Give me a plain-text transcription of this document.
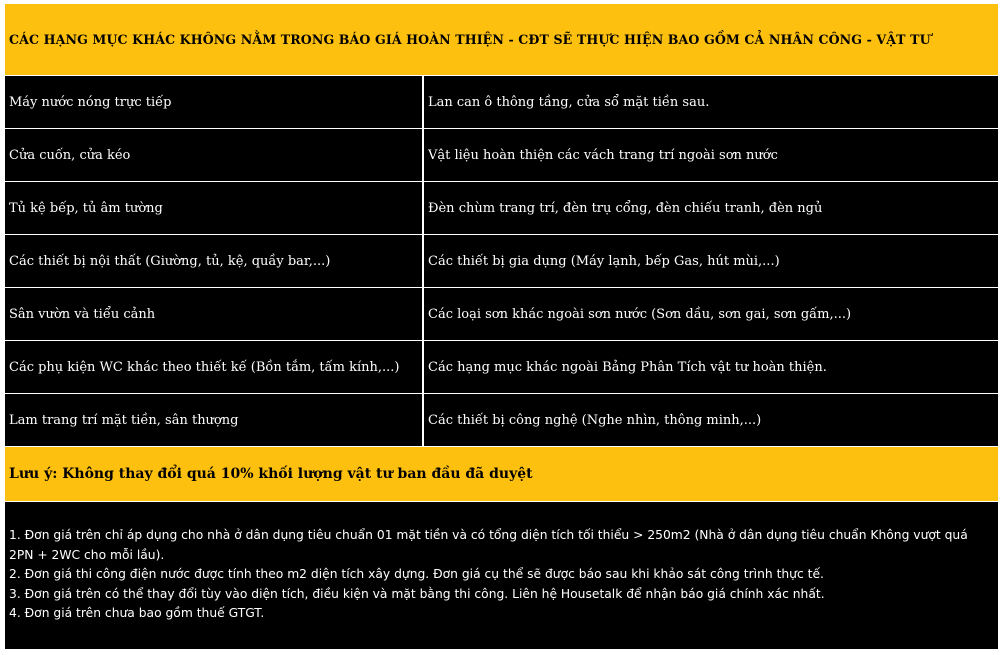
CÁC HẠNG MỤC KHÁC KHÔNG NẰM TRONG BÁO GIÁ HOÀN THIỆN - CĐT SẼ THỰC HIỆN BAO GỒM CẢ NHÂN CÔNG - VẬT TƯ
Máy nước nóng trực tiếp	Lan can ô thông tầng, cửa sổ mặt tiền sau.
Cửa cuốn, cửa kéo	Vật liệu hoàn thiện các vách trang trí ngoài sơn nước
Tủ kệ bếp, tủ âm tường	Đèn chùm trang trí, đèn trụ cổng, đèn chiếu tranh, đèn ngủ
Các thiết bị nội thất (Giường, tủ, kệ, quầy bar,...)	Các thiết bị gia dụng (Máy lạnh, bếp Gas, hút mùi,...)
Sân vườn và tiểu cảnh	Các loại sơn khác ngoài sơn nước (Sơn dầu, sơn gai, sơn gấm,...)
Các phụ kiện WC khác theo thiết kế (Bồn tắm, tấm kính,...)	Các hạng mục khác ngoài Bảng Phân Tích vật tư hoàn thiện.
Lam trang trí mặt tiền, sân thượng	Các thiết bị công nghệ (Nghe nhìn, thông minh,...)
Lưu ý: Không thay đổi quá 10% khối lượng vật tư ban đầu đã duyệt

1. Đơn giá trên chỉ áp dụng cho nhà ở dân dụng tiêu chuẩn 01 mặt tiền và có tổng diện tích tối thiểu > 250m2 (Nhà ở dân dụng tiêu chuẩn Không vượt quá 2PN + 2WC cho mỗi lầu).

2. Đơn giá thi công điện nước được tính theo m2 diện tích xây dựng. Đơn giá cụ thể sẽ được báo sau khi khảo sát công trình thực tế.

3. Đơn giá trên có thể thay đổi tùy vào diện tích, điều kiện và mặt bằng thi công. Liên hệ Housetalk để nhận báo giá chính xác nhất.

4. Đơn giá trên chưa bao gồm thuế GTGT.
